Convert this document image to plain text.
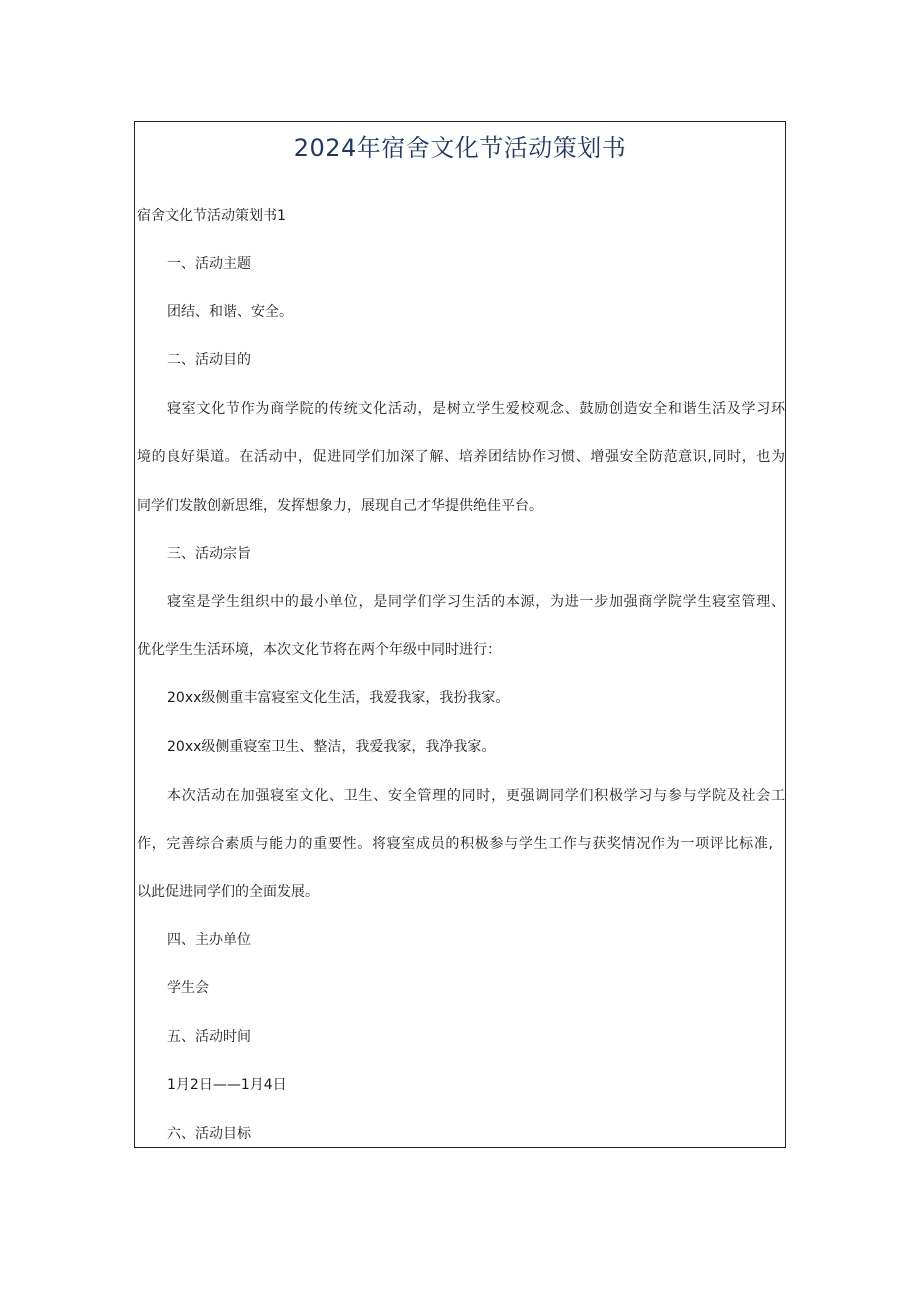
2024年宿舍文化节活动策划书
宿舍文化节活动策划书1
一、活动主题
团结、和谐、安全。
二、活动目的
寝室文化节作为商学院的传统文化活动，是树立学生爱校观念、鼓励创造安全和谐生活及学习环
境的良好渠道。在活动中，促进同学们加深了解、培养团结协作习惯、增强安全防范意识,同时，也为
同学们发散创新思维，发挥想象力，展现自己才华提供绝佳平台。
三、活动宗旨
寝室是学生组织中的最小单位，是同学们学习生活的本源，为进一步加强商学院学生寝室管理、
优化学生生活环境，本次文化节将在两个年级中同时进行：
20xx级侧重丰富寝室文化生活，我爱我家，我扮我家。
20xx级侧重寝室卫生、整洁，我爱我家，我净我家。
本次活动在加强寝室文化、卫生、安全管理的同时，更强调同学们积极学习与参与学院及社会工
作，完善综合素质与能力的重要性。将寝室成员的积极参与学生工作与获奖情况作为一项评比标准,
以此促进同学们的全面发展。
四、主办单位
学生会
五、活动时间
1月2日——1月4日
六、活动目标
